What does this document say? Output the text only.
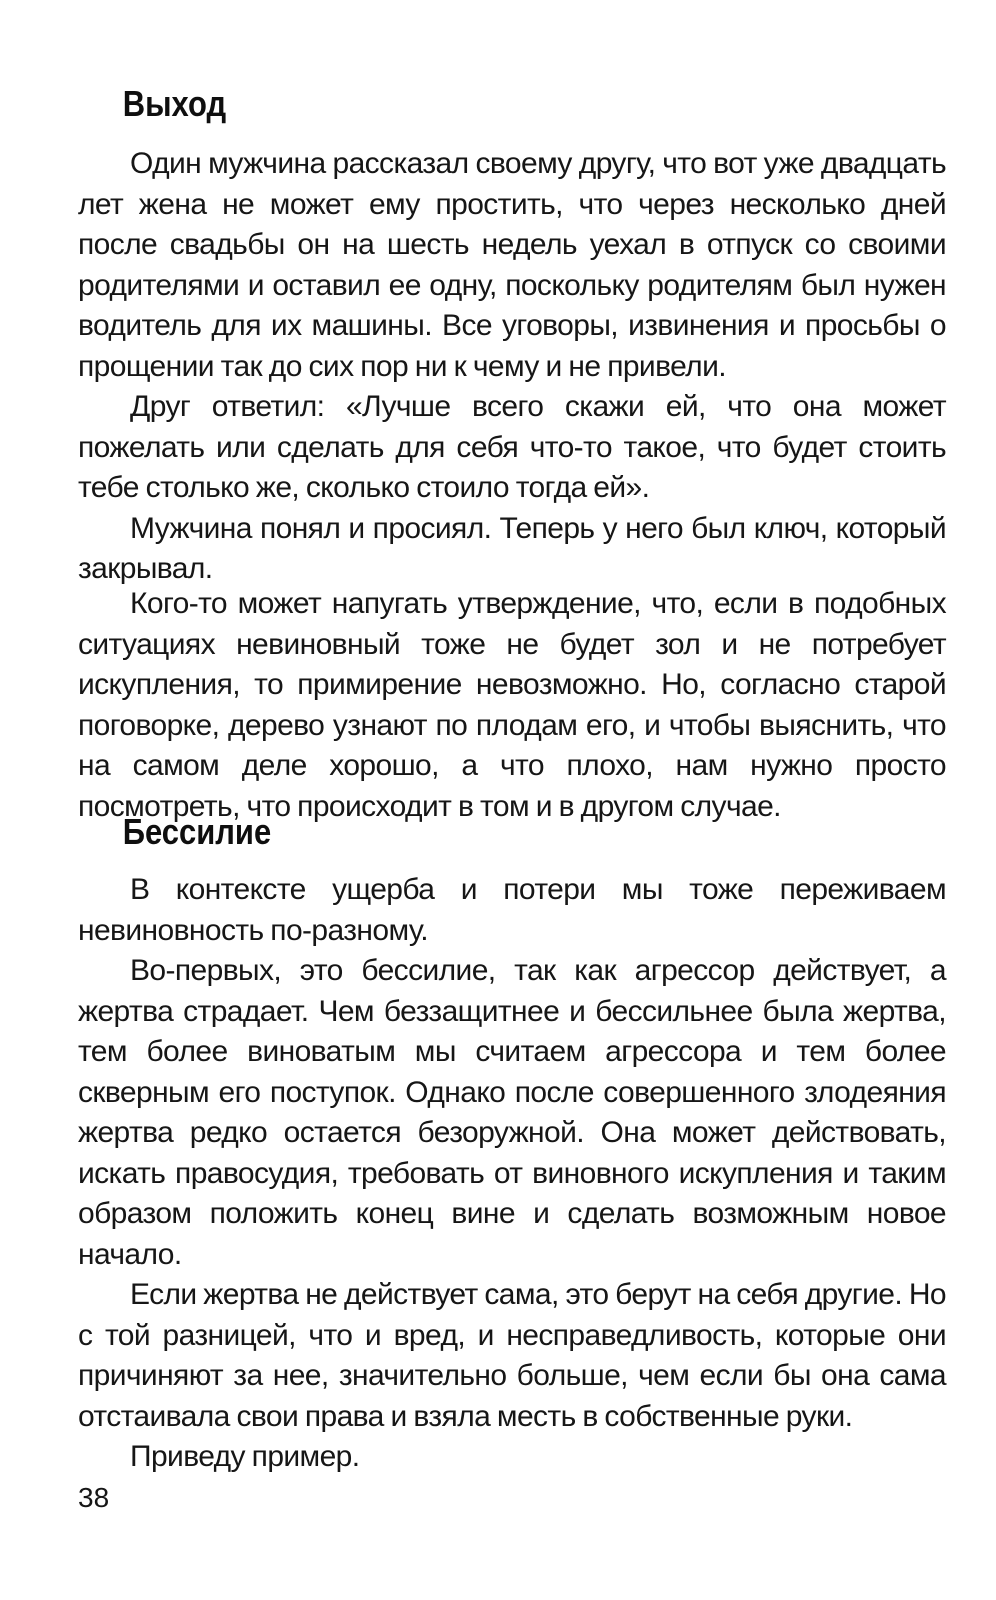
Выход

Один мужчина рассказал своему другу, что вот уже двадцать лет жена не может ему простить, что через несколько дней после свадьбы он на шесть недель уехал в отпуск со своими родителями и оставил ее одну, поскольку родителям был нужен водитель для их машины. Все уговоры, извинения и просьбы о прощении так до сих пор ни к чему и не привели.

Друг ответил: «Лучше всего скажи ей, что она может пожелать или сделать для себя что-то такое, что будет стоить тебе столько же, сколько стоило тогда ей».

Мужчина понял и просиял. Теперь у него был ключ, который закрывал.

Кого-то может напугать утверждение, что, если в подобных ситуациях невиновный тоже не будет зол и не потребует искупления, то примирение невозможно. Но, согласно старой поговорке, дерево узнают по плодам его, и чтобы выяснить, что на самом деле хорошо, а что плохо, нам нужно просто посмотреть, что происходит в том и в другом случае.

Бессилие

В контексте ущерба и потери мы тоже переживаем невиновность по-разному.

Во-первых, это бессилие, так как агрессор действует, а жертва страдает. Чем беззащитнее и бессильнее была жертва, тем более виноватым мы считаем агрессора и тем более скверным его поступок. Однако после совершенного злодеяния жертва редко остается безоружной. Она может действовать, искать правосудия, требовать от виновного искупления и таким образом положить конец вине и сделать возможным новое начало.

Если жертва не действует сама, это берут на себя другие. Но с той разницей, что и вред, и несправедливость, которые они причиняют за нее, значительно больше, чем если бы она сама отстаивала свои права и взяла месть в собственные руки.

Приведу пример.

38
